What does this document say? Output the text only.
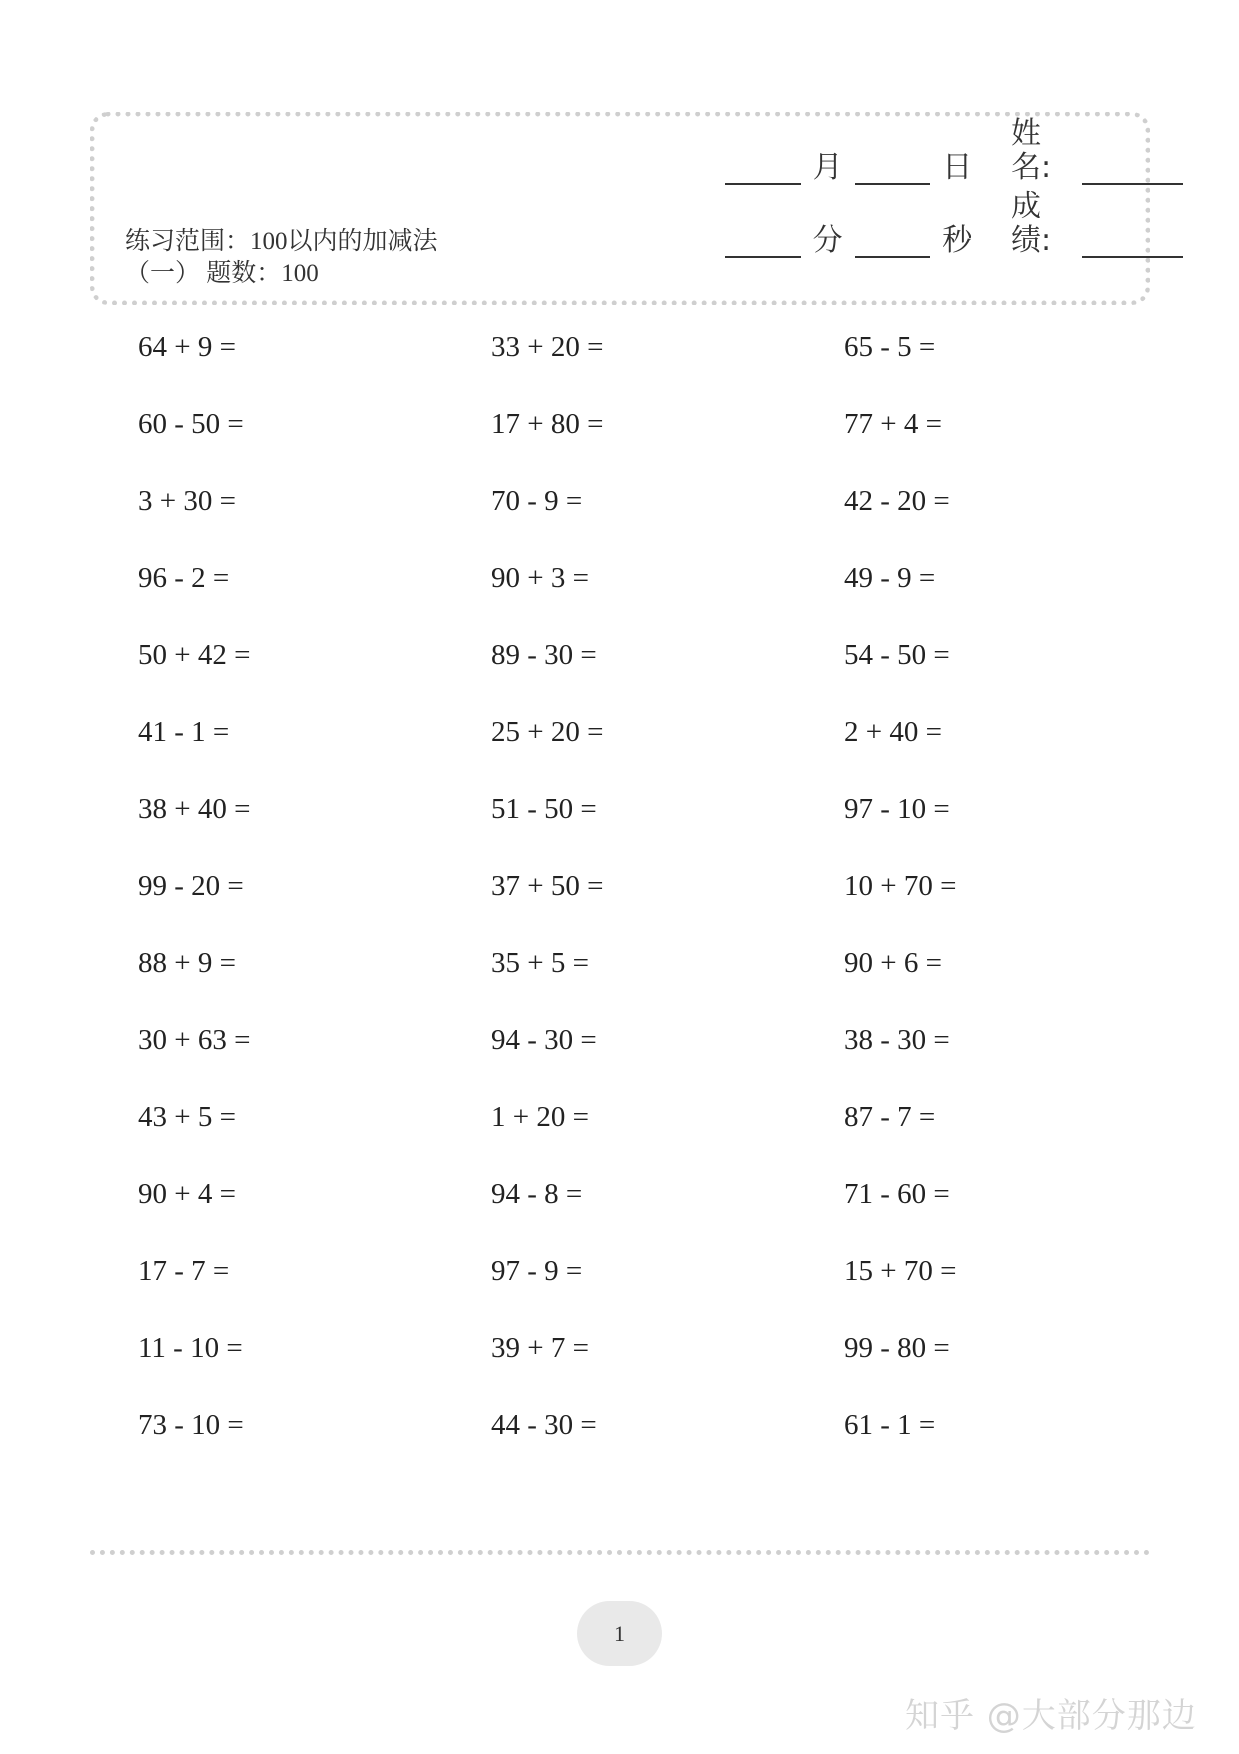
练习范围：100以内的加减法
（一） 题数：100
月	日
姓名:
分	秒
成绩:
64 + 9 =	33 + 20 =	65 - 5 =
60 - 50 =	17 + 80 =	77 + 4 =
3 + 30 =	70 - 9 =	42 - 20 =
96 - 2 =	90 + 3 =	49 - 9 =
50 + 42 =	89 - 30 =	54 - 50 =
41 - 1 =	25 + 20 =	2 + 40 =
38 + 40 =	51 - 50 =	97 - 10 =
99 - 20 =	37 + 50 =	10 + 70 =
88 + 9 =	35 + 5 =	90 + 6 =
30 + 63 =	94 - 30 =	38 - 30 =
43 + 5 =	1 + 20 =	87 - 7 =
90 + 4 =	94 - 8 =	71 - 60 =
17 - 7 =	97 - 9 =	15 + 70 =
11 - 10 =	39 + 7 =	99 - 80 =
73 - 10 =	44 - 30 =	61 - 1 =
1
知乎 @大部分那边
